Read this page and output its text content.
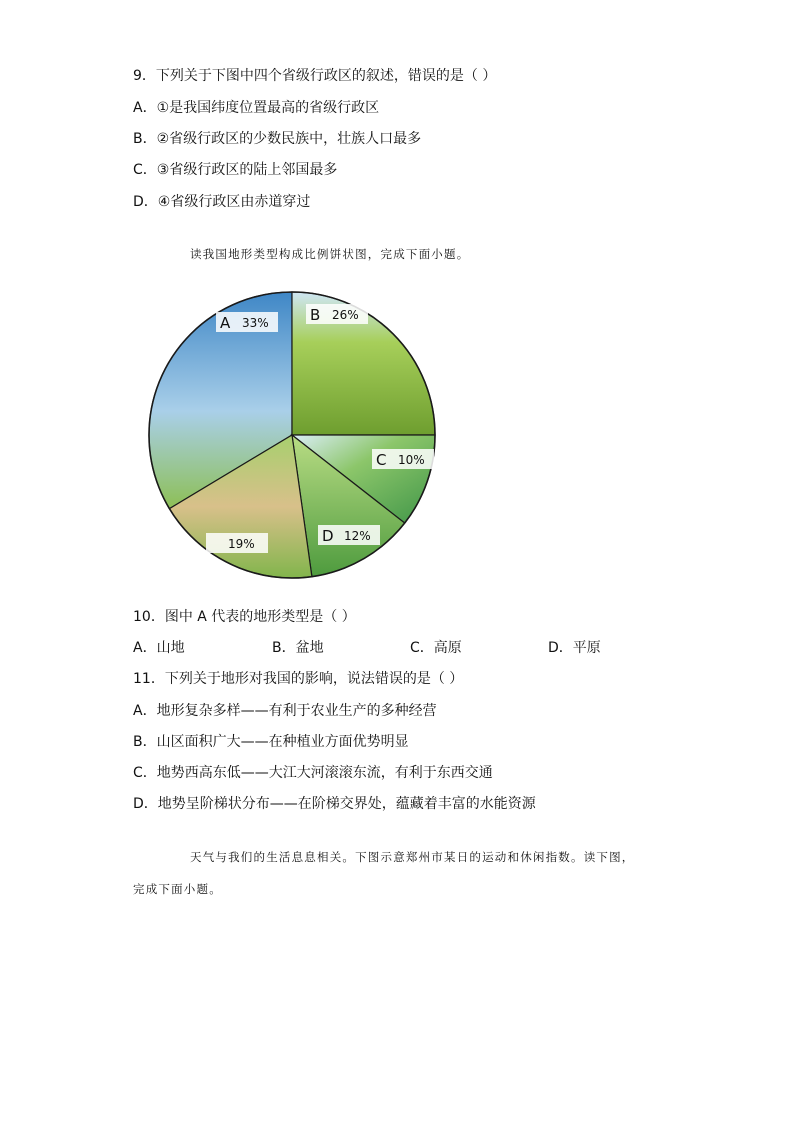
9．下列关于下图中四个省级行政区的叙述，错误的是（ ）
A．①是我国纬度位置最高的省级行政区
B．②省级行政区的少数民族中，壮族人口最多
C．③省级行政区的陆上邻国最多
D．④省级行政区由赤道穿过
读我国地形类型构成比例饼状图，完成下面小题。
A 33%	B 26%
C 10%
D 12%
19%
10．图中 A 代表的地形类型是（ ）
A．山地	B．盆地	C．高原	D．平原
11．下列关于地形对我国的影响，说法错误的是（ ）
A．地形复杂多样——有利于农业生产的多种经营
B．山区面积广大——在种植业方面优势明显
C．地势西高东低——大江大河滚滚东流，有利于东西交通
D．地势呈阶梯状分布——在阶梯交界处，蕴藏着丰富的水能资源
天气与我们的生活息息相关。下图示意郑州市某日的运动和休闲指数。读下图，
完成下面小题。
